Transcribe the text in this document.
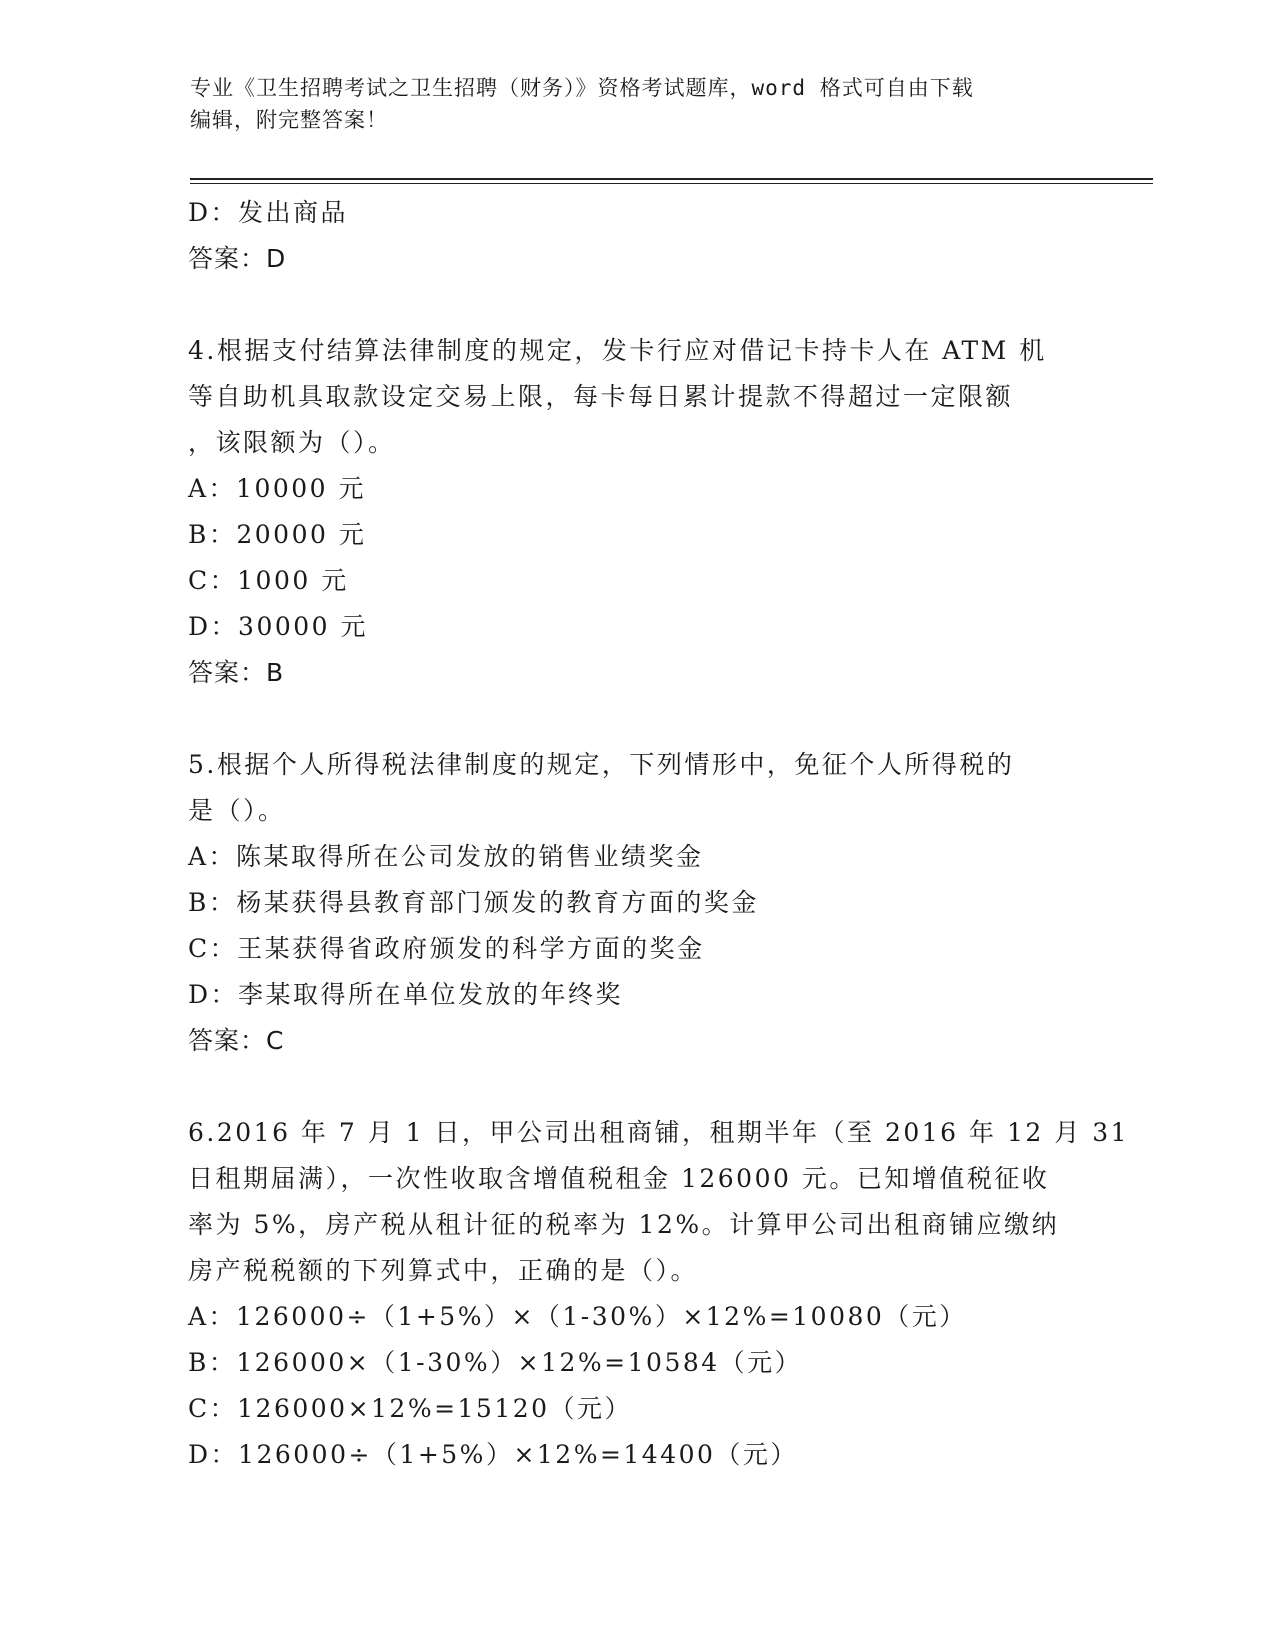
专业《卫生招聘考试之卫生招聘（财务）》资格考试题库，word 格式可自由下载
编辑，附完整答案！
D：发出商品
答案：D
4.根据支付结算法律制度的规定，发卡行应对借记卡持卡人在 ATM 机
等自助机具取款设定交易上限，每卡每日累计提款不得超过一定限额
，该限额为（）。
A：10000 元
B：20000 元
C：1000 元
D：30000 元
答案：B
5.根据个人所得税法律制度的规定，下列情形中，免征个人所得税的
是（）。
A：陈某取得所在公司发放的销售业绩奖金
B：杨某获得县教育部门颁发的教育方面的奖金
C：王某获得省政府颁发的科学方面的奖金
D：李某取得所在单位发放的年终奖
答案：C
6.2016 年 7 月 1 日，甲公司出租商铺，租期半年（至 2016 年 12 月 31
日租期届满），一次性收取含增值税租金 126000 元。已知增值税征收
率为 5%，房产税从租计征的税率为 12%。计算甲公司出租商铺应缴纳
房产税税额的下列算式中，正确的是（）。
A：126000÷（1+5%）×（1-30%）×12%=10080（元）
B：126000×（1-30%）×12%=10584（元）
C：126000×12%=15120（元）
D：126000÷（1+5%）×12%=14400（元）
